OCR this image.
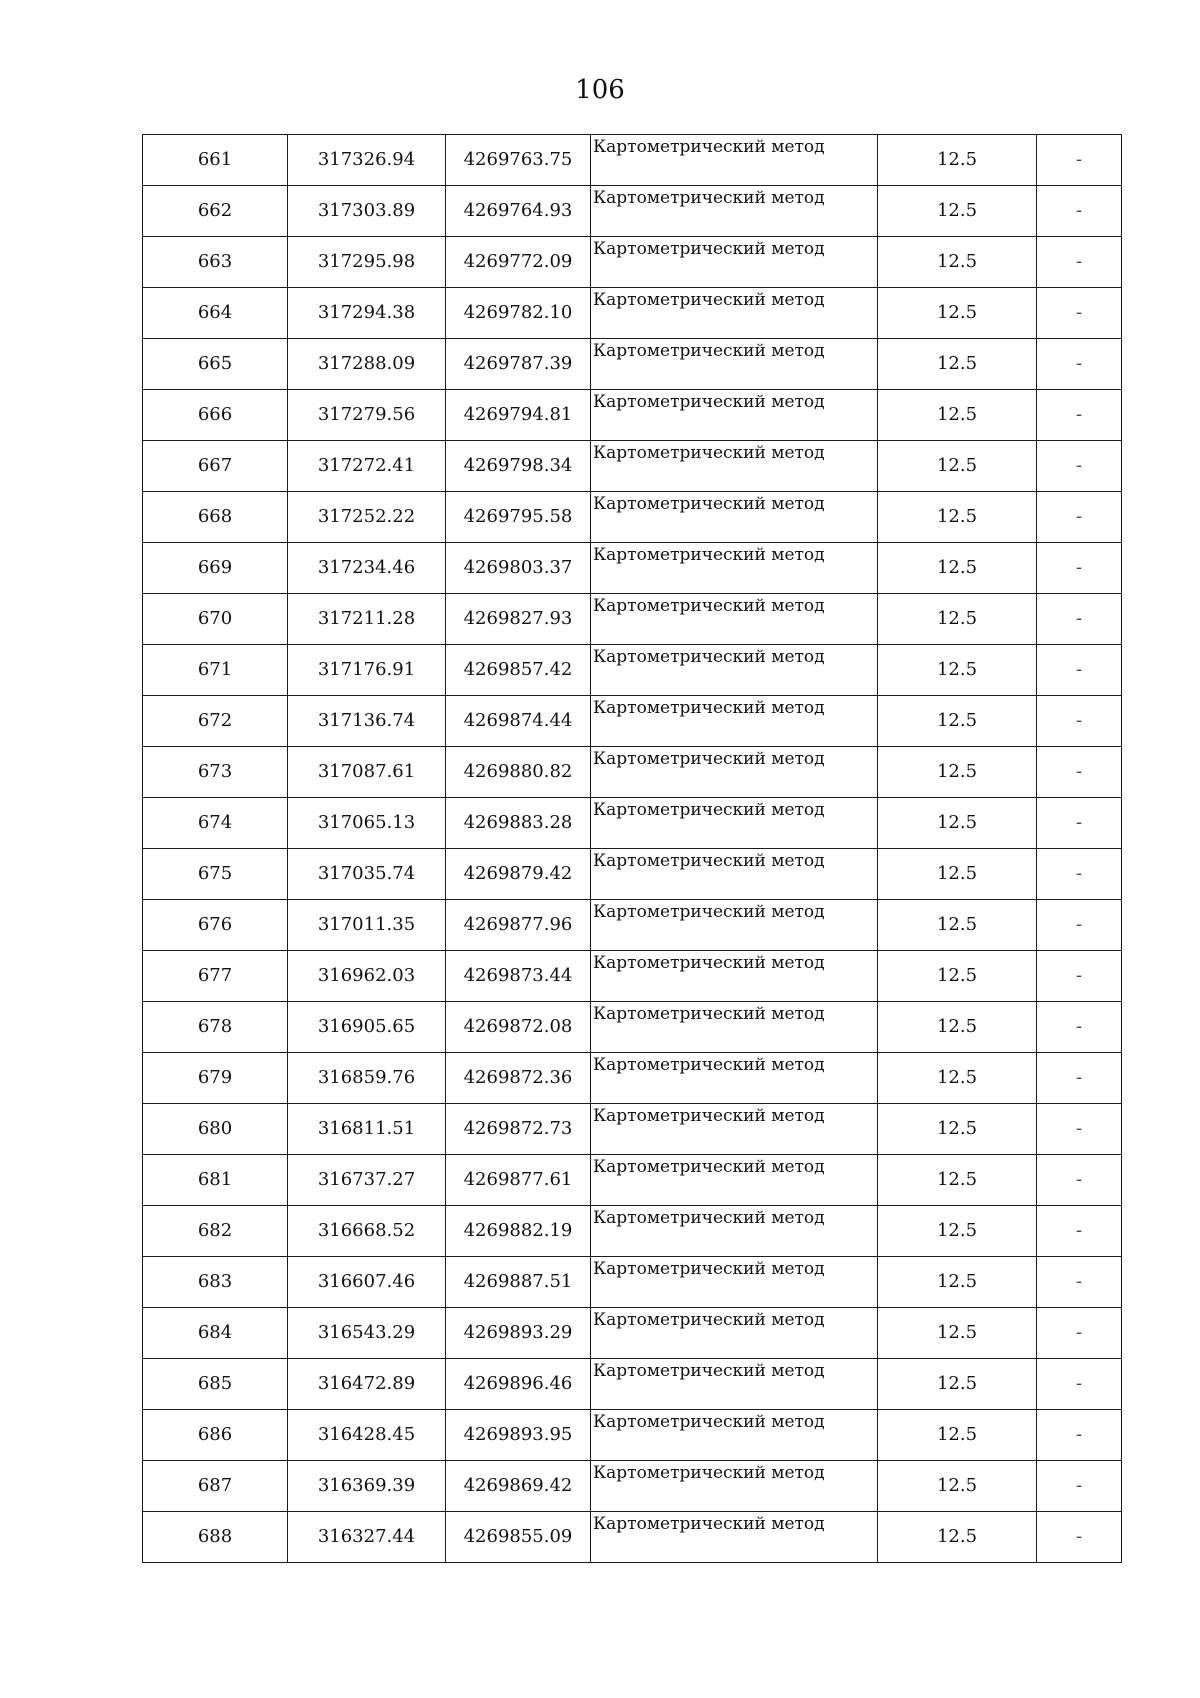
106
661	317326.94	4269763.75	Картометрический метод	12.5	-
662	317303.89	4269764.93	Картометрический метод	12.5	-
663	317295.98	4269772.09	Картометрический метод	12.5	-
664	317294.38	4269782.10	Картометрический метод	12.5	-
665	317288.09	4269787.39	Картометрический метод	12.5	-
666	317279.56	4269794.81	Картометрический метод	12.5	-
667	317272.41	4269798.34	Картометрический метод	12.5	-
668	317252.22	4269795.58	Картометрический метод	12.5	-
669	317234.46	4269803.37	Картометрический метод	12.5	-
670	317211.28	4269827.93	Картометрический метод	12.5	-
671	317176.91	4269857.42	Картометрический метод	12.5	-
672	317136.74	4269874.44	Картометрический метод	12.5	-
673	317087.61	4269880.82	Картометрический метод	12.5	-
674	317065.13	4269883.28	Картометрический метод	12.5	-
675	317035.74	4269879.42	Картометрический метод	12.5	-
676	317011.35	4269877.96	Картометрический метод	12.5	-
677	316962.03	4269873.44	Картометрический метод	12.5	-
678	316905.65	4269872.08	Картометрический метод	12.5	-
679	316859.76	4269872.36	Картометрический метод	12.5	-
680	316811.51	4269872.73	Картометрический метод	12.5	-
681	316737.27	4269877.61	Картометрический метод	12.5	-
682	316668.52	4269882.19	Картометрический метод	12.5	-
683	316607.46	4269887.51	Картометрический метод	12.5	-
684	316543.29	4269893.29	Картометрический метод	12.5	-
685	316472.89	4269896.46	Картометрический метод	12.5	-
686	316428.45	4269893.95	Картометрический метод	12.5	-
687	316369.39	4269869.42	Картометрический метод	12.5	-
688	316327.44	4269855.09	Картометрический метод	12.5	-
